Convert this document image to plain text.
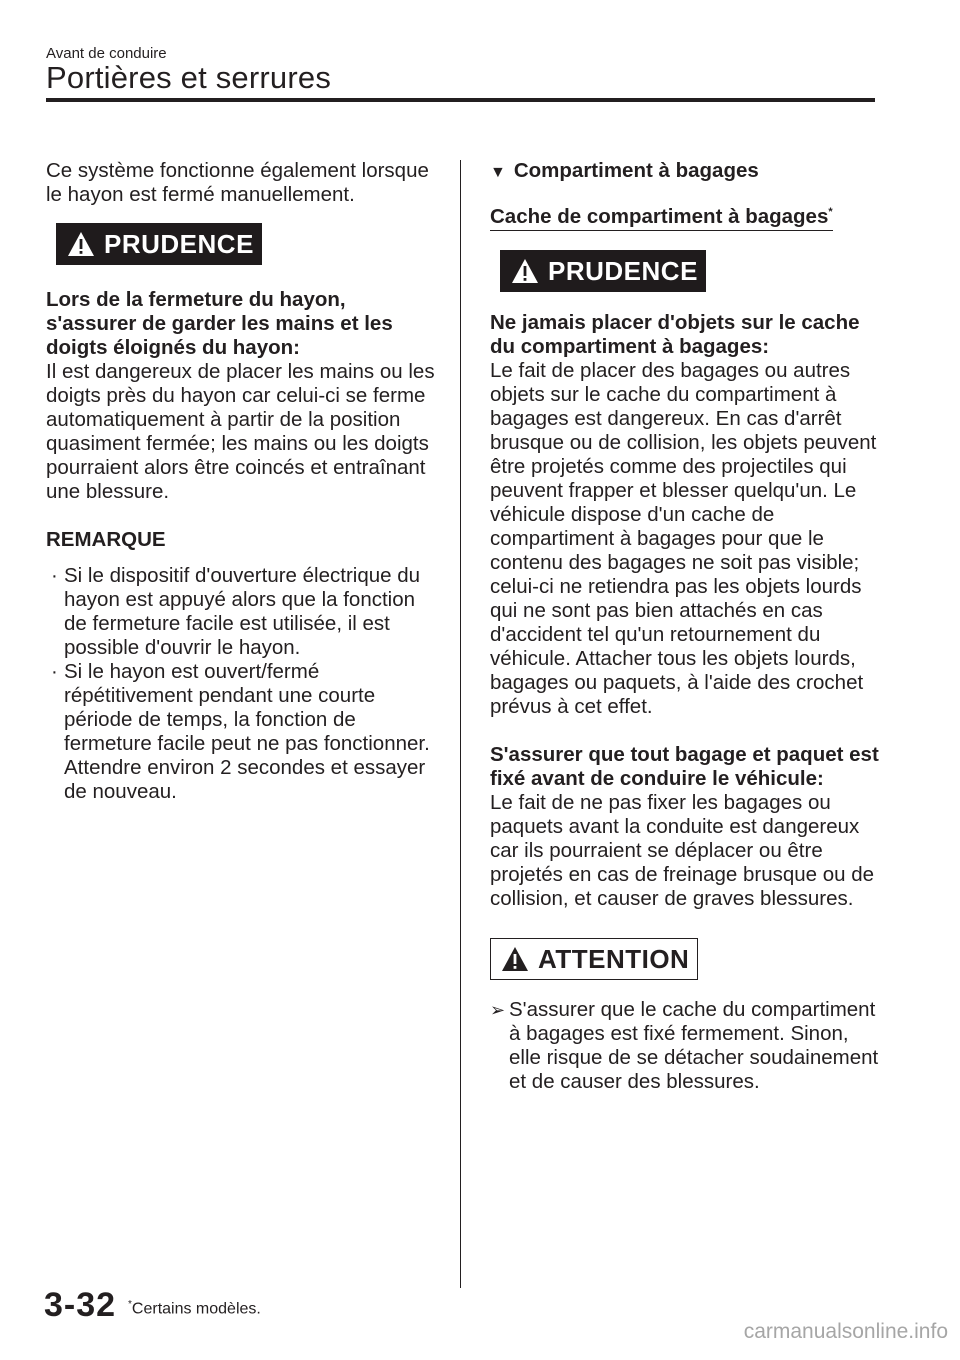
Avant de conduire
Portières et serrures

Ce système fonctionne également lorsque le hayon est fermé manuellement.

PRUDENCE

Lors de la fermeture du hayon, s'assurer de garder les mains et les doigts éloignés du hayon:

Il est dangereux de placer les mains ou les doigts près du hayon car celui-ci se ferme automatiquement à partir de la position quasiment fermée; les mains ou les doigts pourraient alors être coincés et entraînant une blessure.

REMARQUE

· Si le dispositif d'ouverture électrique du hayon est appuyé alors que la fonction de fermeture facile est utilisée, il est possible d'ouvrir le hayon.
· Si le hayon est ouvert/fermé répétitivement pendant une courte période de temps, la fonction de fermeture facile peut ne pas fonctionner. Attendre environ 2 secondes et essayer de nouveau.

▼ Compartiment à bagages

Cache de compartiment à bagages*

PRUDENCE

Ne jamais placer d'objets sur le cache du compartiment à bagages:

Le fait de placer des bagages ou autres objets sur le cache du compartiment à bagages est dangereux. En cas d'arrêt brusque ou de collision, les objets peuvent être projetés comme des projectiles qui peuvent frapper et blesser quelqu'un. Le véhicule dispose d'un cache de compartiment à bagages pour que le contenu des bagages ne soit pas visible; celui-ci ne retiendra pas les objets lourds qui ne sont pas bien attachés en cas d'accident tel qu'un retournement du véhicule. Attacher tous les objets lourds, bagages ou paquets, à l'aide des crochet prévus à cet effet.

S'assurer que tout bagage et paquet est fixé avant de conduire le véhicule:

Le fait de ne pas fixer les bagages ou paquets avant la conduite est dangereux car ils pourraient se déplacer ou être projetés en cas de freinage brusque ou de collision, et causer de graves blessures.

ATTENTION
➢ S'assurer que le cache du compartiment à bagages est fixé fermement. Sinon, elle risque de se détacher soudainement et de causer des blessures.
3-32 *Certains modèles.
carmanualsonline.info
